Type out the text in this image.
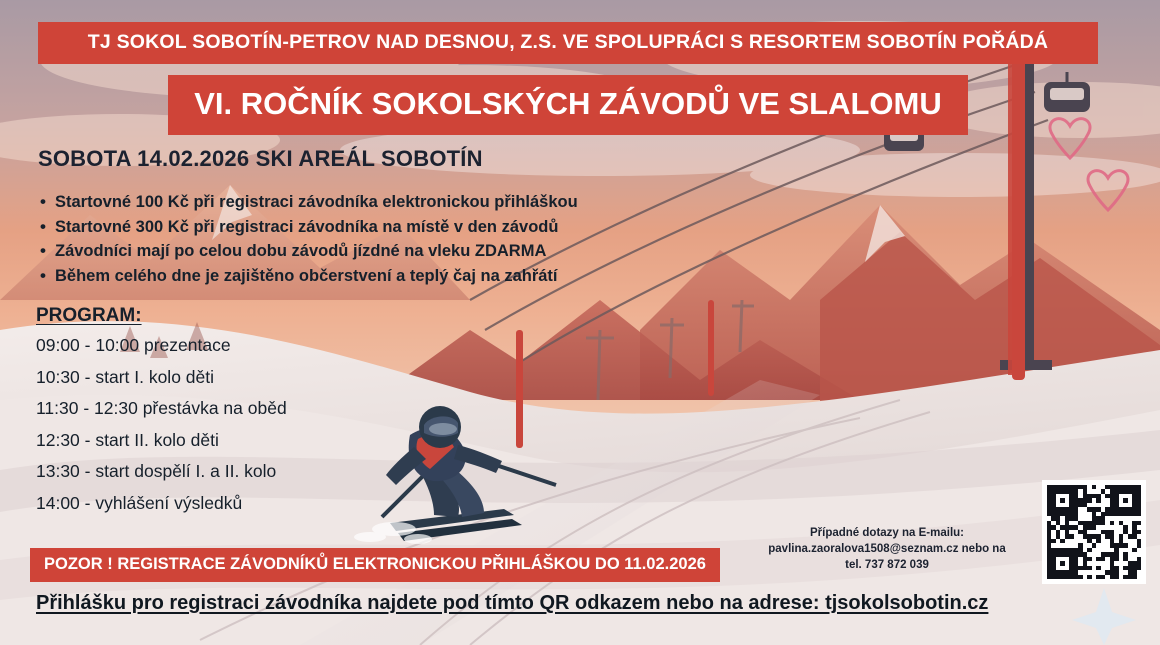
TJ SOKOL SOBOTÍN-PETROV NAD DESNOU, Z.S. VE SPOLUPRÁCI S RESORTEM SOBOTÍN POŘÁDÁ
VI. ROČNÍK SOKOLSKÝCH ZÁVODŮ VE SLALOMU
SOBOTA 14.02.2026 SKI AREÁL SOBOTÍN
• Startovné 100 Kč při registraci závodníka elektronickou přihláškou
• Startovné 300 Kč při registraci závodníka na místě v den závodů
• Závodníci mají po celou dobu závodů jízdné na vleku ZDARMA
• Během celého dne je zajištěno občerstvení a teplý čaj na zahřátí
PROGRAM:
09:00 - 10:00 prezentace
10:30 - start I. kolo děti
11:30 - 12:30 přestávka na oběd
12:30 - start II. kolo děti
13:30 - start dospělí I. a II. kolo
14:00 - vyhlášení výsledků
Případné dotazy na E-mailu:
pavlina.zaoralova1508@seznam.cz nebo na
tel. 737 872 039
POZOR ! REGISTRACE ZÁVODNÍKŮ ELEKTRONICKOU PŘIHLÁŠKOU DO 11.02.2026
Přihlášku pro registraci závodníka najdete pod tímto QR odkazem nebo na adrese: tjsokolsobotin.cz
